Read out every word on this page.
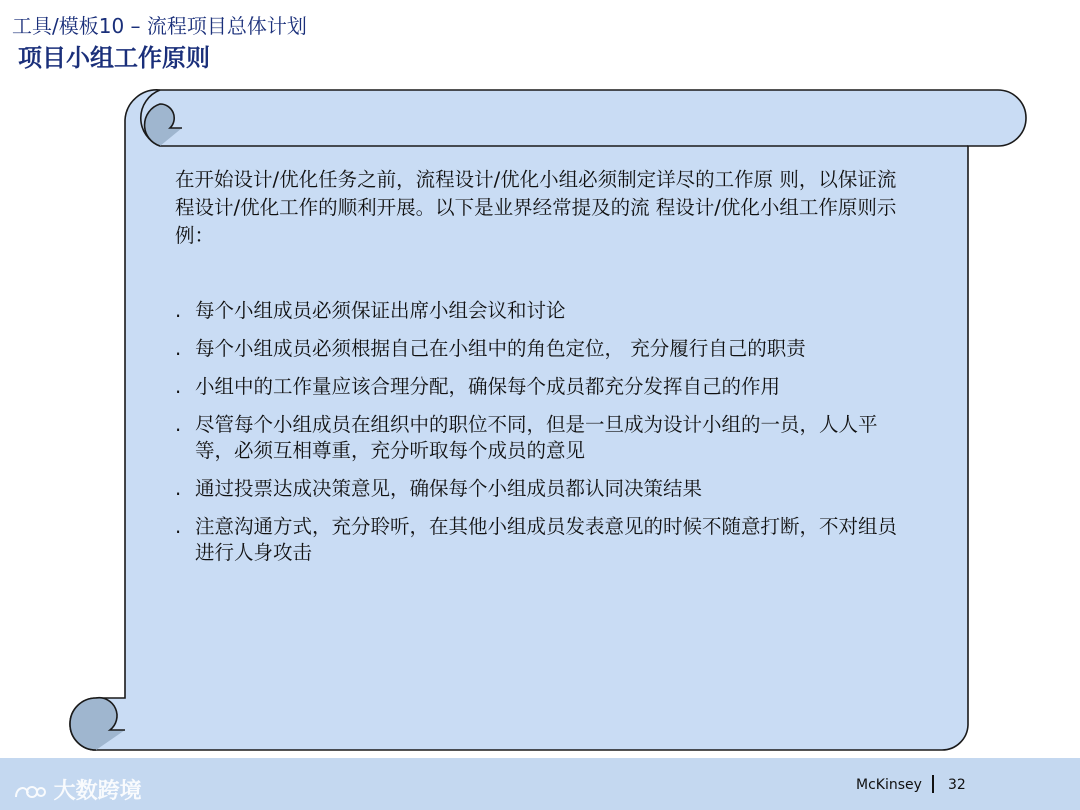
工具/模板10 – 流程项目总体计划
项目小组工作原则
在开始设计/优化任务之前，流程设计/优化小组必须制定详尽的工作原 则，以保证流程设计/优化工作的顺利开展。以下是业界经常提及的流 程设计/优化小组工作原则示例：
. 每个小组成员必须保证出席小组会议和讨论
. 每个小组成员必须根据自己在小组中的角色定位， 充分履行自己的职责
. 小组中的工作量应该合理分配，确保每个成员都充分发挥自己的作用
. 尽管每个小组成员在组织中的职位不同，但是一旦成为设计小组的一员，人人平等，必须互相尊重，充分听取每个成员的意见
. 通过投票达成决策意见，确保每个小组成员都认同决策结果
. 注意沟通方式，充分聆听，在其他小组成员发表意见的时候不随意打断，不对组员进行人身攻击
大数跨境	McKinsey 32
